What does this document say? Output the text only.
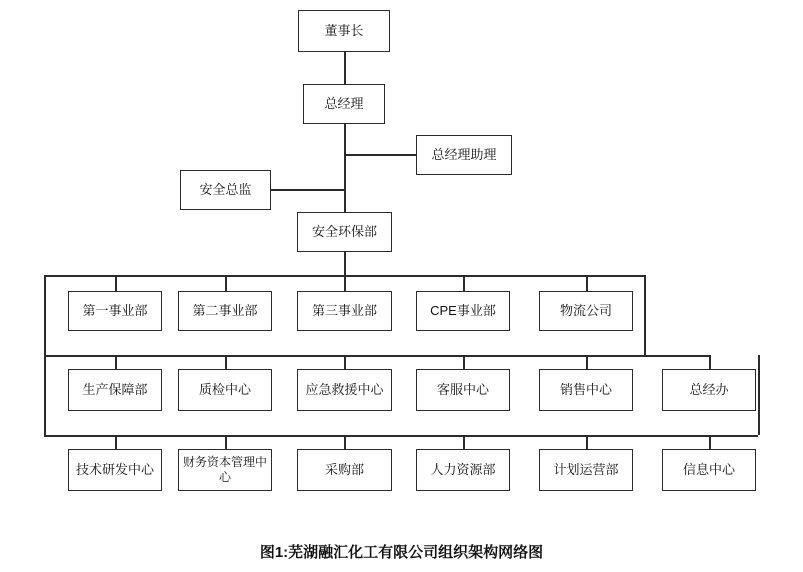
董事长
总经理
总经理助理
安全总监
安全环保部
第一事业部	第二事业部	第三事业部	CPE事业部	物流公司
生产保障部	质检中心	应急救援中心	客服中心	销售中心	总经办
技术研发中心 财务资本管理中心
采购部	人力资源部	计划运营部	信息中心
图1:芜湖融汇化工有限公司组织架构网络图
